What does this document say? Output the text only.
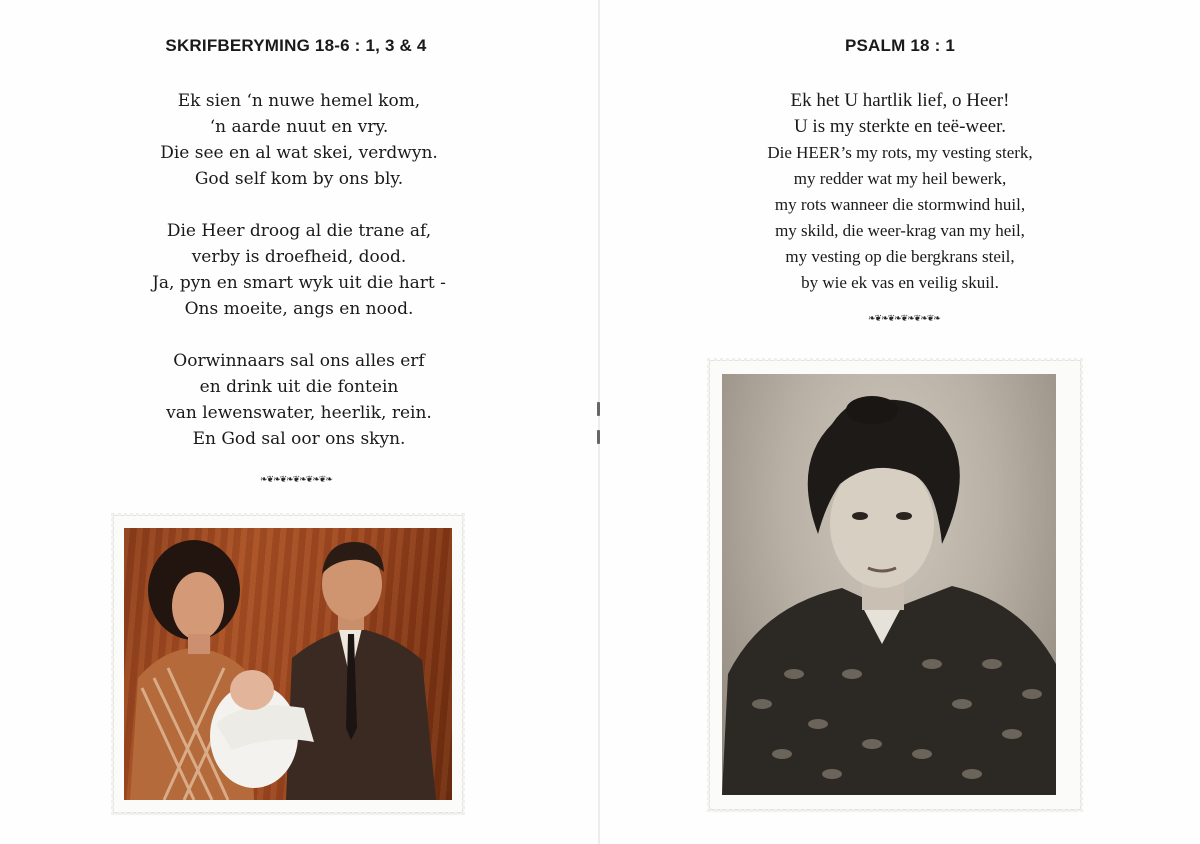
SKRIFBERYMING 18-6 : 1, 3 & 4

Ek sien ‘n nuwe hemel kom,
‘n aarde nuut en vry.
Die see en al wat skei, verdwyn.
God self kom by ons bly.

Die Heer droog al die trane af,
verby is droefheid, dood.
Ja, pyn en smart wyk uit die hart -
Ons moeite, angs en nood.

Oorwinnaars sal ons alles erf
en drink uit die fontein
van lewenswater, heerlik, rein.
En God sal oor ons skyn.

❧❦❧❦❧❦❧❦❧❦❧
PSALM 18 : 1

Ek het U hartlik lief, o Heer!
U is my sterkte en teë-weer.
Die HEER’s my rots, my vesting sterk,
my redder wat my heil bewerk,
my rots wanneer die stormwind huil,
my skild, die weer-krag van my heil,
my vesting op die bergkrans steil,
by wie ek vas en veilig skuil.

❧❦❧❦❧❦❧❦❧❦❧
